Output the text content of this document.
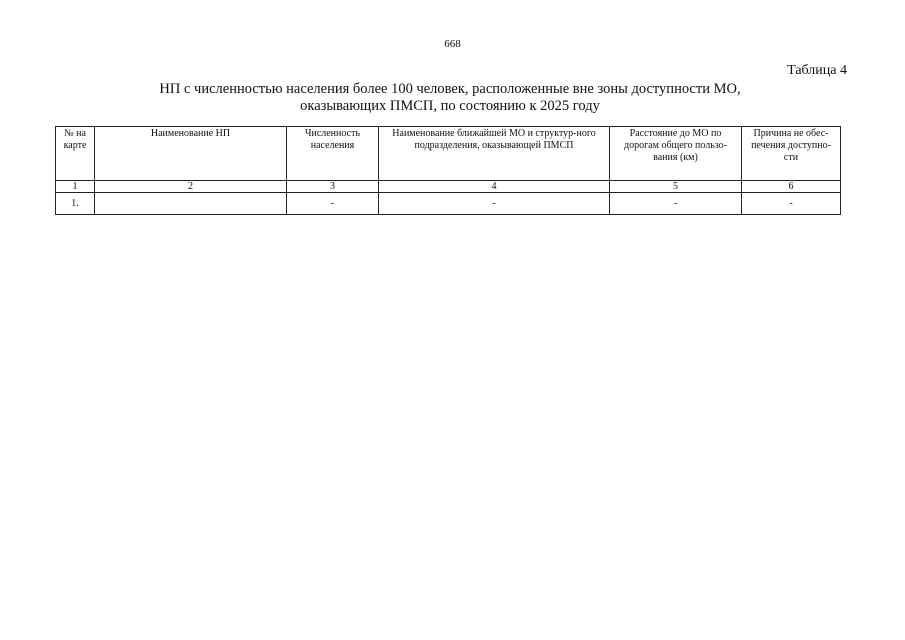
668
Таблица 4
НП с численностью населения более 100 человек, расположенные вне зоны доступности МО,
оказывающих ПМСП, по состоянию к 2025 году
№ на карте	Наименование НП	Численность населения	Наименование ближайшей МО и структур-ного подразделения, оказывающей ПМСП	Расстояние до МО по дорогам общего пользо-вания (км)	Причина не обес-печения доступно-сти
1	2	3	4	5	6
1.		-	-	-	-
